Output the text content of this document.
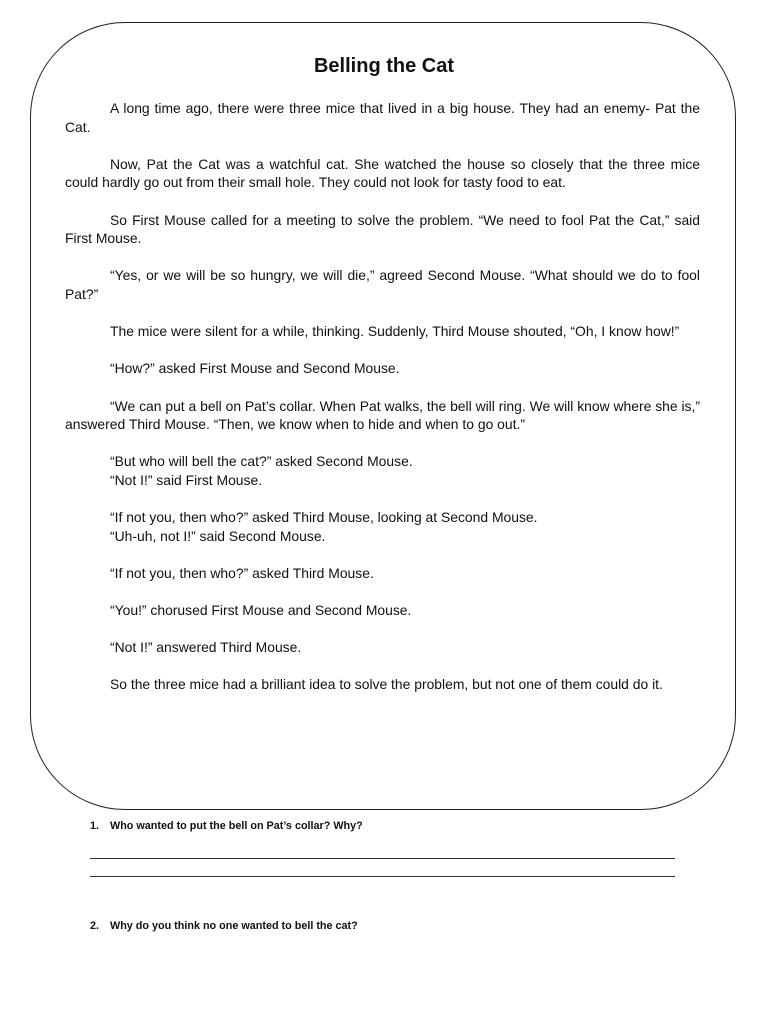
Belling the Cat

A long time ago, there were three mice that lived in a big house. They had an enemy- Pat the Cat.

Now, Pat the Cat was a watchful cat. She watched the house so closely that the three mice could hardly go out from their small hole. They could not look for tasty food to eat.

So First Mouse called for a meeting to solve the problem. “We need to fool Pat the Cat,” said First Mouse.

“Yes, or we will be so hungry, we will die,” agreed Second Mouse. “What should we do to fool Pat?”

The mice were silent for a while, thinking. Suddenly, Third Mouse shouted, “Oh, I know how!”

“How?” asked First Mouse and Second Mouse.

“We can put a bell on Pat’s collar. When Pat walks, the bell will ring. We will know where she is,” answered Third Mouse. “Then, we know when to hide and when to go out.”

“But who will bell the cat?” asked Second Mouse.

“Not I!” said First Mouse.

“If not you, then who?” asked Third Mouse, looking at Second Mouse.

“Uh-uh, not I!” said Second Mouse.

“If not you, then who?” asked Third Mouse.

“You!” chorused First Mouse and Second Mouse.

“Not I!” answered Third Mouse.

So the three mice had a brilliant idea to solve the problem, but not one of them could do it.

1. Who wanted to put the bell on Pat’s collar? Why?
2. Why do you think no one wanted to bell the cat?
